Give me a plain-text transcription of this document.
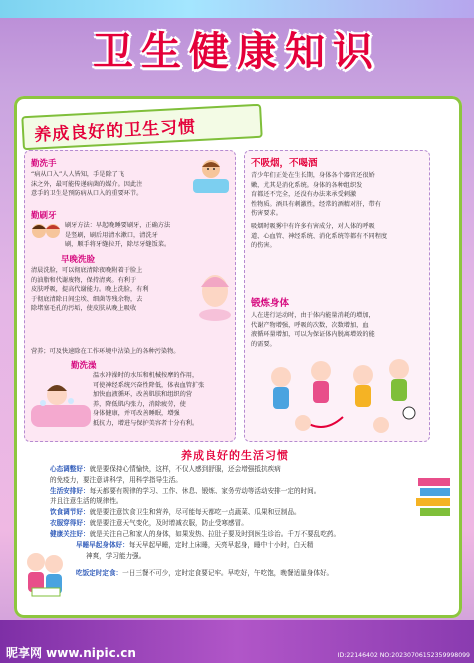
卫生健康知识
养成良好的卫生习惯
勤洗手
“病从口入”人人皆知，手是除了飞
沫之外，最可能传递病菌的媒介。因此注
意手的卫生是预防病从口入的重要环节。
勤刷牙
刷牙方法：早起晚睡要刷牙，正确方法
是竖刷，刷后用清水漱口，清洗牙
刷，顺手将牙缝拉开，除尽牙缝饭菜。
早晚洗脸
清晨洗脸，可以彻底清除夜晚附着于脸上
的油脂和代谢废物，保持清爽。有利于
皮肤呼吸，提高代谢能力。晚上洗脸，有利
于彻底清除日间尘埃、细菌等残余物，去
除堵塞毛孔的污垢，使皮肤从晚上吸收
营养；可及快速除在工作环境中沾染上的各种污染物。
勤洗澡
温水冲澡时的水压和机械按摩的作用，
可使神经系统兴奋性降低，体表血管扩张
加快血液循环，改善肌肤和组织的营
养，降低肌内张力，消除疲劳，使
身体健康，并可改善睡眠，增强
抵抗力，增进与保护美容者十分有利。
不吸烟，不喝酒
青少年们正处在生长期，身体各个器官还很娇
嫩，尤其是消化系统。身体的各种组织发
育都还不完全，还没有办法来承受刺激
性物质。酒具有刺激性，经常的酒精对肝，带有
伤害要求。
吸烟时吸雾中有许多有害成分，对人体的呼吸
道、心血管、神经系统、消化系统等都有不同程度
的伤害。
锻炼身体
人在进行运动时，由于体内能量消耗的增加，
代谢产物增强，呼吸的次数，次数增加，血
液循环量增加，可以为保证体内脱离增效的能
的需要。
养成良好的生活习惯
心态调整好：就是要保持心情愉快，这样，不仅人感到舒服，还会增强抵抗疾病
的免疫力，要注意讲科学，用科学指导生活。
生活安排好：每天都要有规律的学习、工作、休息、锻炼、家务劳动等活动安排一定的时间。
并且注意生活的规律性。
饮食调节好：就是要注意饮食卫生和营养，尽可能每天都吃一点蔬菜、瓜果和豆制品。
衣服穿得好：就是要注意天气变化，及时增减衣服，防止受寒感冒。
健康关注好：就是关注自己和家人的身体，如果发热、拉肚子要及时到医生诊治。千万不要乱吃药。
早睡早起身体好：每天早起早睡，定时上床睡，天亮早起身，睡中十小时，白天精
神爽，学习能力强。
吃饭定时定食：一日三餐不可少，定时定食要记牢。早吃好，午吃饱，晚餐适量身体好。
昵享网 www.nipic.cn	ID:22146402 NO:20230706152359998099
